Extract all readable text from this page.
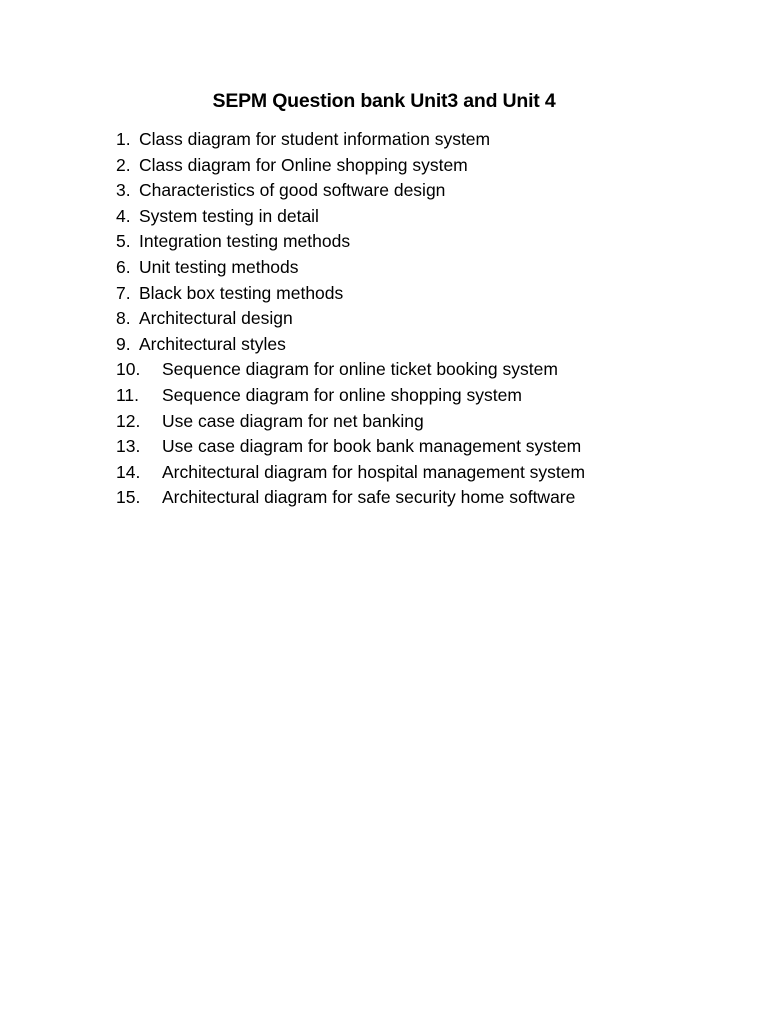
SEPM Question bank Unit3 and Unit 4
1. Class diagram for student information system
2. Class diagram for Online shopping system
3. Characteristics of good software design
4. System testing in detail
5. Integration testing methods
6. Unit testing methods
7. Black box testing methods
8. Architectural design
9. Architectural styles
10. Sequence diagram for online ticket booking system
11. Sequence diagram for online shopping system
12. Use case diagram for net banking
13. Use case diagram for book bank management system
14. Architectural diagram for hospital management system
15. Architectural diagram for safe security home software
